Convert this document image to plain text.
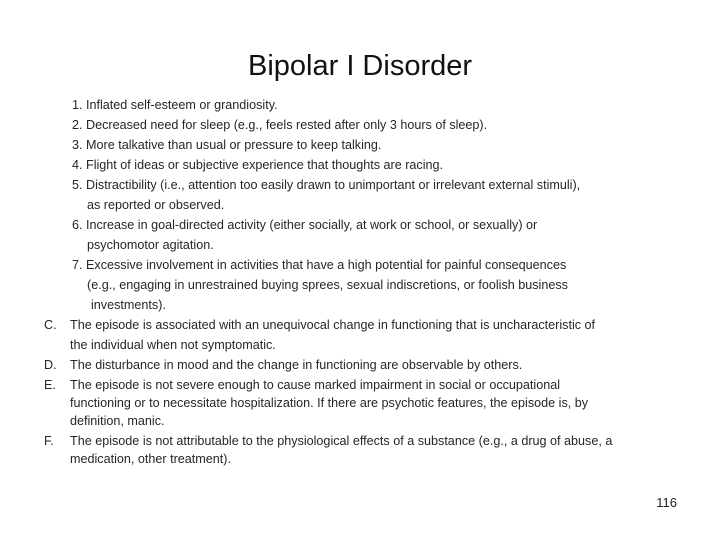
Bipolar I Disorder
1. Inflated self-esteem or grandiosity.
2. Decreased need for sleep (e.g., feels rested after only 3 hours of sleep).
3. More talkative than usual or pressure to keep talking.
4. Flight of ideas or subjective experience that thoughts are racing.
5. Distractibility (i.e., attention too easily drawn to unimportant or irrelevant external stimuli),
as reported or observed.
6. Increase in goal-directed activity (either socially, at work or school, or sexually) or
psychomotor agitation.
7. Excessive involvement in activities that have a high potential for painful consequences
(e.g., engaging in unrestrained buying sprees, sexual indiscretions, or foolish business
investments).
C. The episode is associated with an unequivocal change in functioning that is uncharacteristic of
the individual when not symptomatic.
D. The disturbance in mood and the change in functioning are observable by others.
E. The episode is not severe enough to cause marked impairment in social or occupational
functioning or to necessitate hospitalization. If there are psychotic features, the episode is, by
definition, manic.
F. The episode is not attributable to the physiological effects of a substance (e.g., a drug of abuse, a
medication, other treatment).
116
